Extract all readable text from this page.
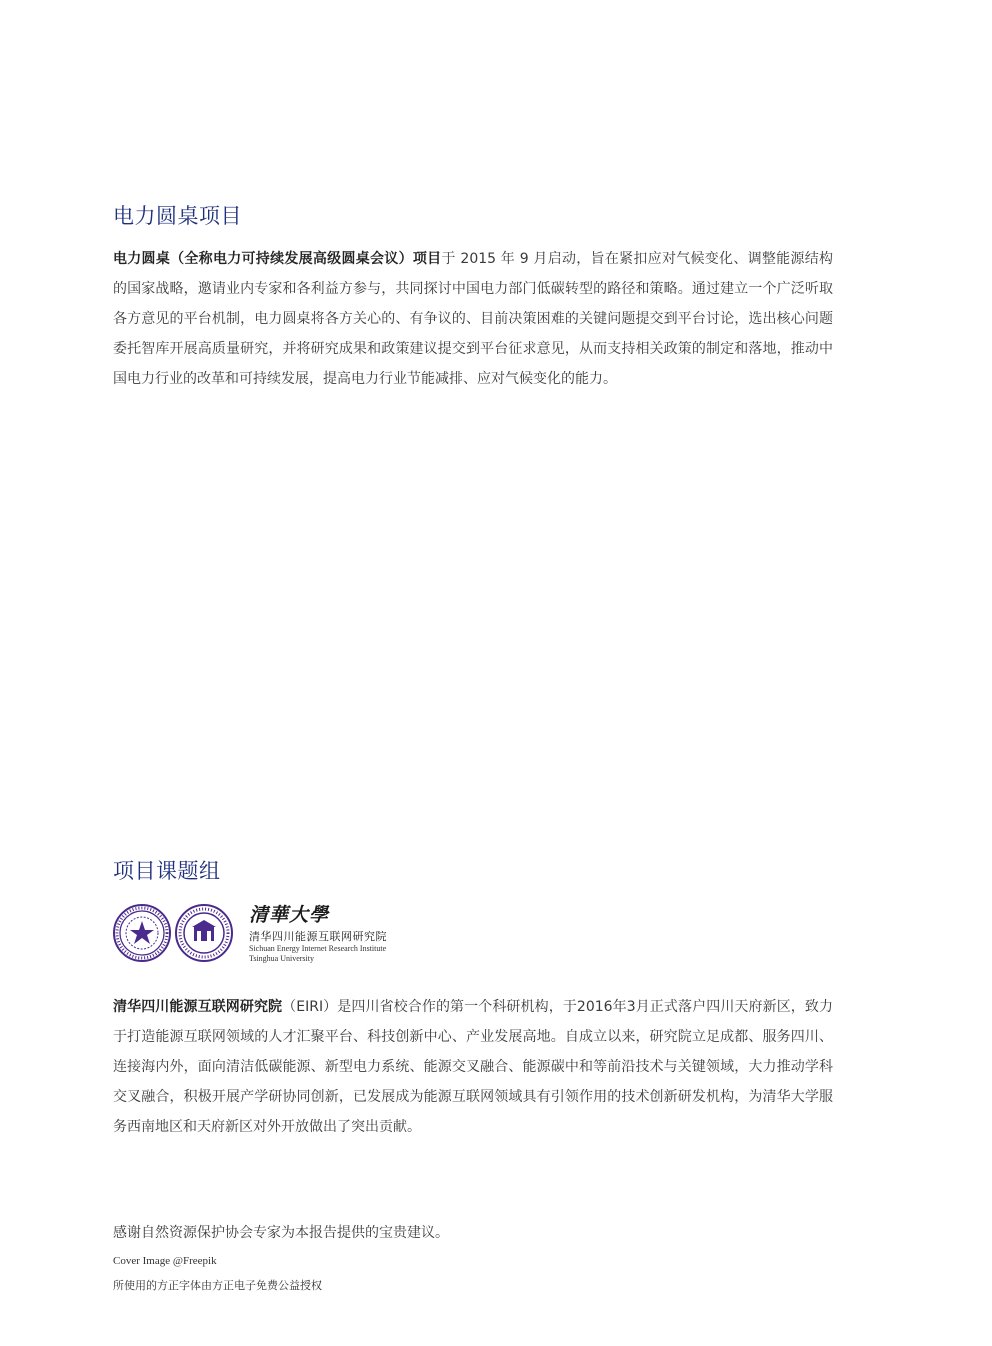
电力圆桌项目

电力圆桌（全称电力可持续发展高级圆桌会议）项目于 2015 年 9 月启动，旨在紧扣应对气候变化、调整能源结构的国家战略，邀请业内专家和各利益方参与，共同探讨中国电力部门低碳转型的路径和策略。通过建立一个广泛听取各方意见的平台机制，电力圆桌将各方关心的、有争议的、目前决策困难的关键问题提交到平台讨论，选出核心问题委托智库开展高质量研究，并将研究成果和政策建议提交到平台征求意见，从而支持相关政策的制定和落地，推动中国电力行业的改革和可持续发展，提高电力行业节能减排、应对气候变化的能力。

项目课题组
清華大學
清华四川能源互联网研究院
Sichuan Energy Internet Research Institute
Tsinghua University

清华四川能源互联网研究院（EIRI）是四川省校合作的第一个科研机构，于2016年3月正式落户四川天府新区，致力于打造能源互联网领域的人才汇聚平台、科技创新中心、产业发展高地。自成立以来，研究院立足成都、服务四川、连接海内外，面向清洁低碳能源、新型电力系统、能源交叉融合、能源碳中和等前沿技术与关键领域，大力推动学科交叉融合，积极开展产学研协同创新，已发展成为能源互联网领域具有引领作用的技术创新研发机构，为清华大学服务西南地区和天府新区对外开放做出了突出贡献。

感谢自然资源保护协会专家为本报告提供的宝贵建议。

Cover Image @Freepik

所使用的方正字体由方正电子免费公益授权
